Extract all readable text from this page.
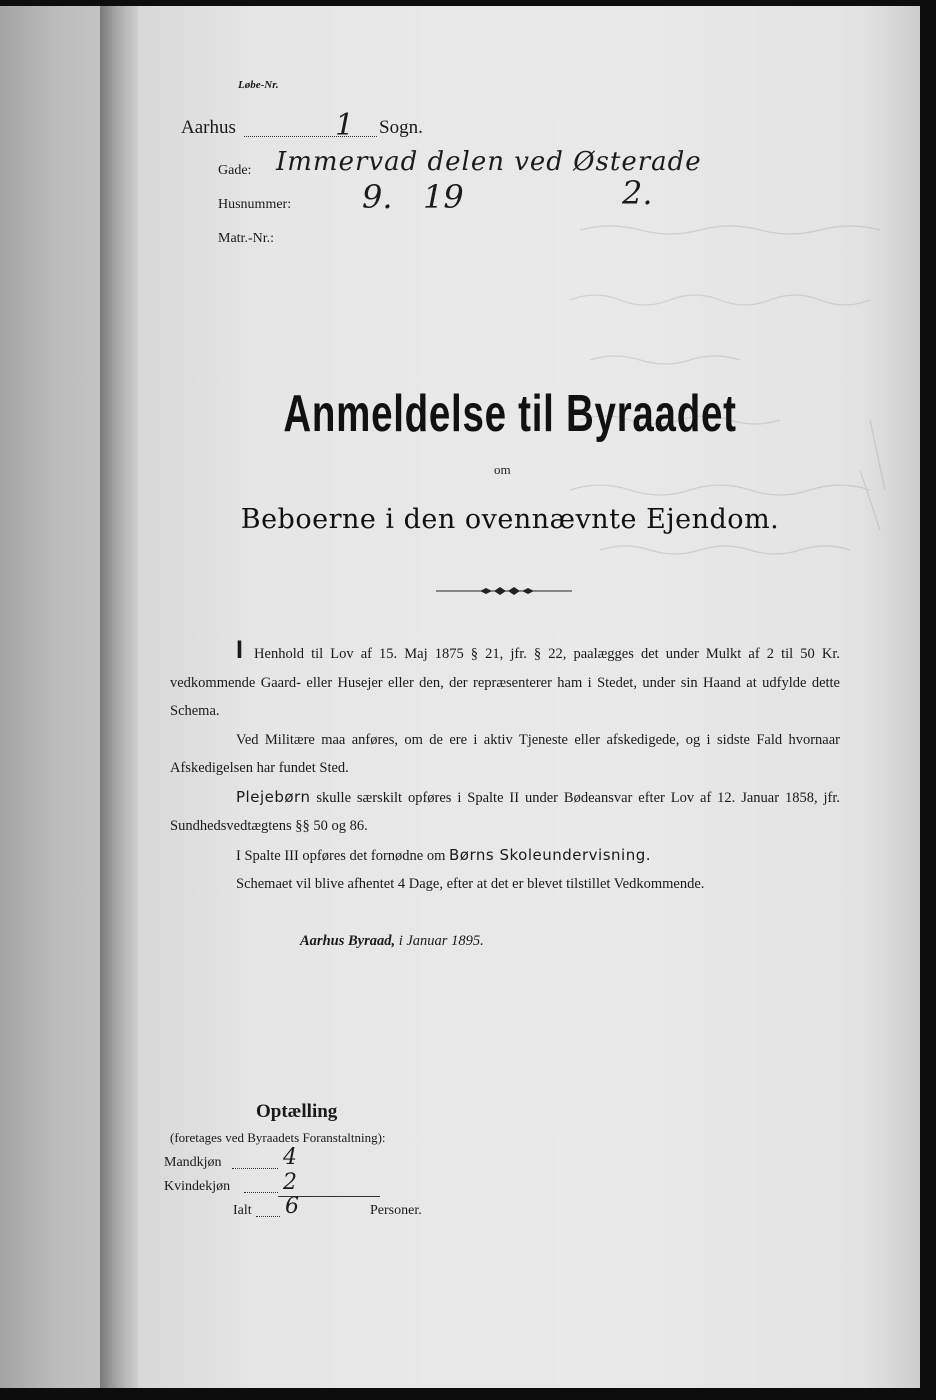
Løbe-Nr.
Aarhus	1 Sogn.
Gade: Immervad delen ved Østerade
Husnummer: 9.   19	2.
Matr.-Nr.:
Anmeldelse til Byraadet
om
Beboerne i den ovennævnte Ejendom.

I Henhold til Lov af 15. Maj 1875 § 21, jfr. § 22, paalægges det under Mulkt af 2 til 50 Kr. vedkommende Gaard- eller Husejer eller den, der repræsenterer ham i Stedet, under sin Haand at udfylde dette Schema.

Ved Militære maa anføres, om de ere i aktiv Tjeneste eller afskedigede, og i sidste Fald hvornaar Afskedigelsen har fundet Sted.

Plejebørn skulle særskilt opføres i Spalte II under Bødeansvar efter Lov af 12. Januar 1858, jfr. Sundhedsvedtægtens §§ 50 og 86.

I Spalte III opføres det fornødne om Børns Skoleundervisning.

Schemaet vil blive afhentet 4 Dage, efter at det er blevet tilstillet Vedkommende.

Aarhus Byraad, i Januar 1895.
Optælling
(foretages ved Byraadets Foranstaltning):
Mandkjøn	4
Kvindekjøn 2
Ialt 6	Personer.
